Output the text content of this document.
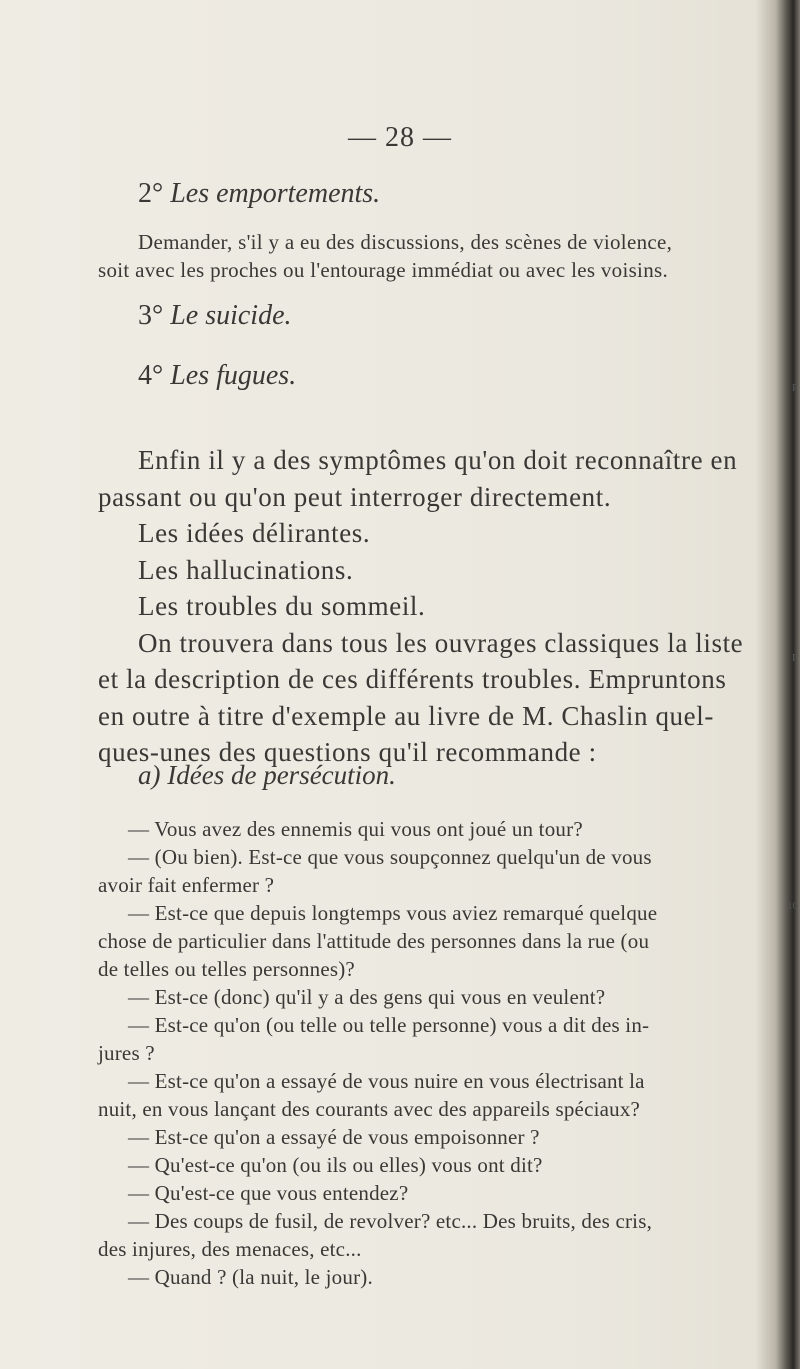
P
P
10
— 28 —
2° Les emportements.
Demander, s'il y a eu des discussions, des scènes de violence,
soit avec les proches ou l'entourage immédiat ou avec les voisins.
3° Le suicide.
4° Les fugues.
Enfin il y a des symptômes qu'on doit reconnaître en
passant ou qu'on peut interroger directement.
Les idées délirantes.
Les hallucinations.
Les troubles du sommeil.
On trouvera dans tous les ouvrages classiques la liste
et la description de ces différents troubles. Empruntons
en outre à titre d'exemple au livre de M. Chaslin quel-
ques-unes des questions qu'il recommande :
a) Idées de persécution.
— Vous avez des ennemis qui vous ont joué un tour?
— (Ou bien). Est-ce que vous soupçonnez quelqu'un de vous
avoir fait enfermer ?
— Est-ce que depuis longtemps vous aviez remarqué quelque
chose de particulier dans l'attitude des personnes dans la rue (ou
de telles ou telles personnes)?
— Est-ce (donc) qu'il y a des gens qui vous en veulent?
— Est-ce qu'on (ou telle ou telle personne) vous a dit des in-
jures ?
— Est-ce qu'on a essayé de vous nuire en vous électrisant la
nuit, en vous lançant des courants avec des appareils spéciaux?
— Est-ce qu'on a essayé de vous empoisonner ?
— Qu'est-ce qu'on (ou ils ou elles) vous ont dit?
— Qu'est-ce que vous entendez?
— Des coups de fusil, de revolver? etc... Des bruits, des cris,
des injures, des menaces, etc...
— Quand ? (la nuit, le jour).
